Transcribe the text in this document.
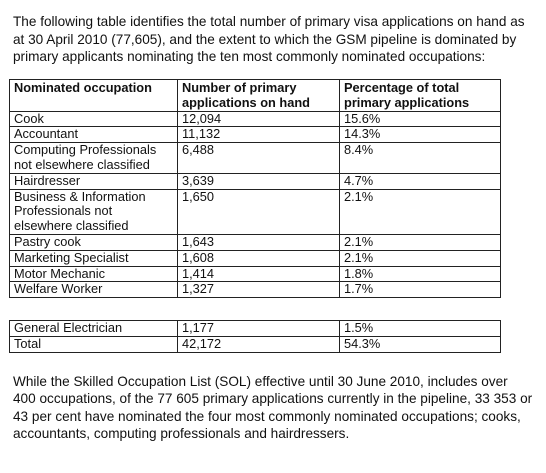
The following table identifies the total number of primary visa applications on hand as at 30 April 2010 (77,605), and the extent to which the GSM pipeline is dominated by primary applicants nominating the ten most commonly nominated occupations:

Nominated occupation	Number of primary applications on hand	Percentage of total primary applications
Cook	12,094	15.6%
Accountant	11,132	14.3%
Computing Professionals not elsewhere classified	6,488	8.4%
Hairdresser	3,639	4.7%
Business & Information Professionals not elsewhere classified	1,650	2.1%
Pastry cook	1,643	2.1%
Marketing Specialist	1,608	2.1%
Motor Mechanic	1,414	1.8%
Welfare Worker	1,327	1.7%
General Electrician	1,177	1.5%
Total	42,172	54.3%

While the Skilled Occupation List (SOL) effective until 30 June 2010, includes over 400 occupations, of the 77 605 primary applications currently in the pipeline, 33 353 or 43 per cent have nominated the four most commonly nominated occupations; cooks, accountants, computing professionals and hairdressers.
